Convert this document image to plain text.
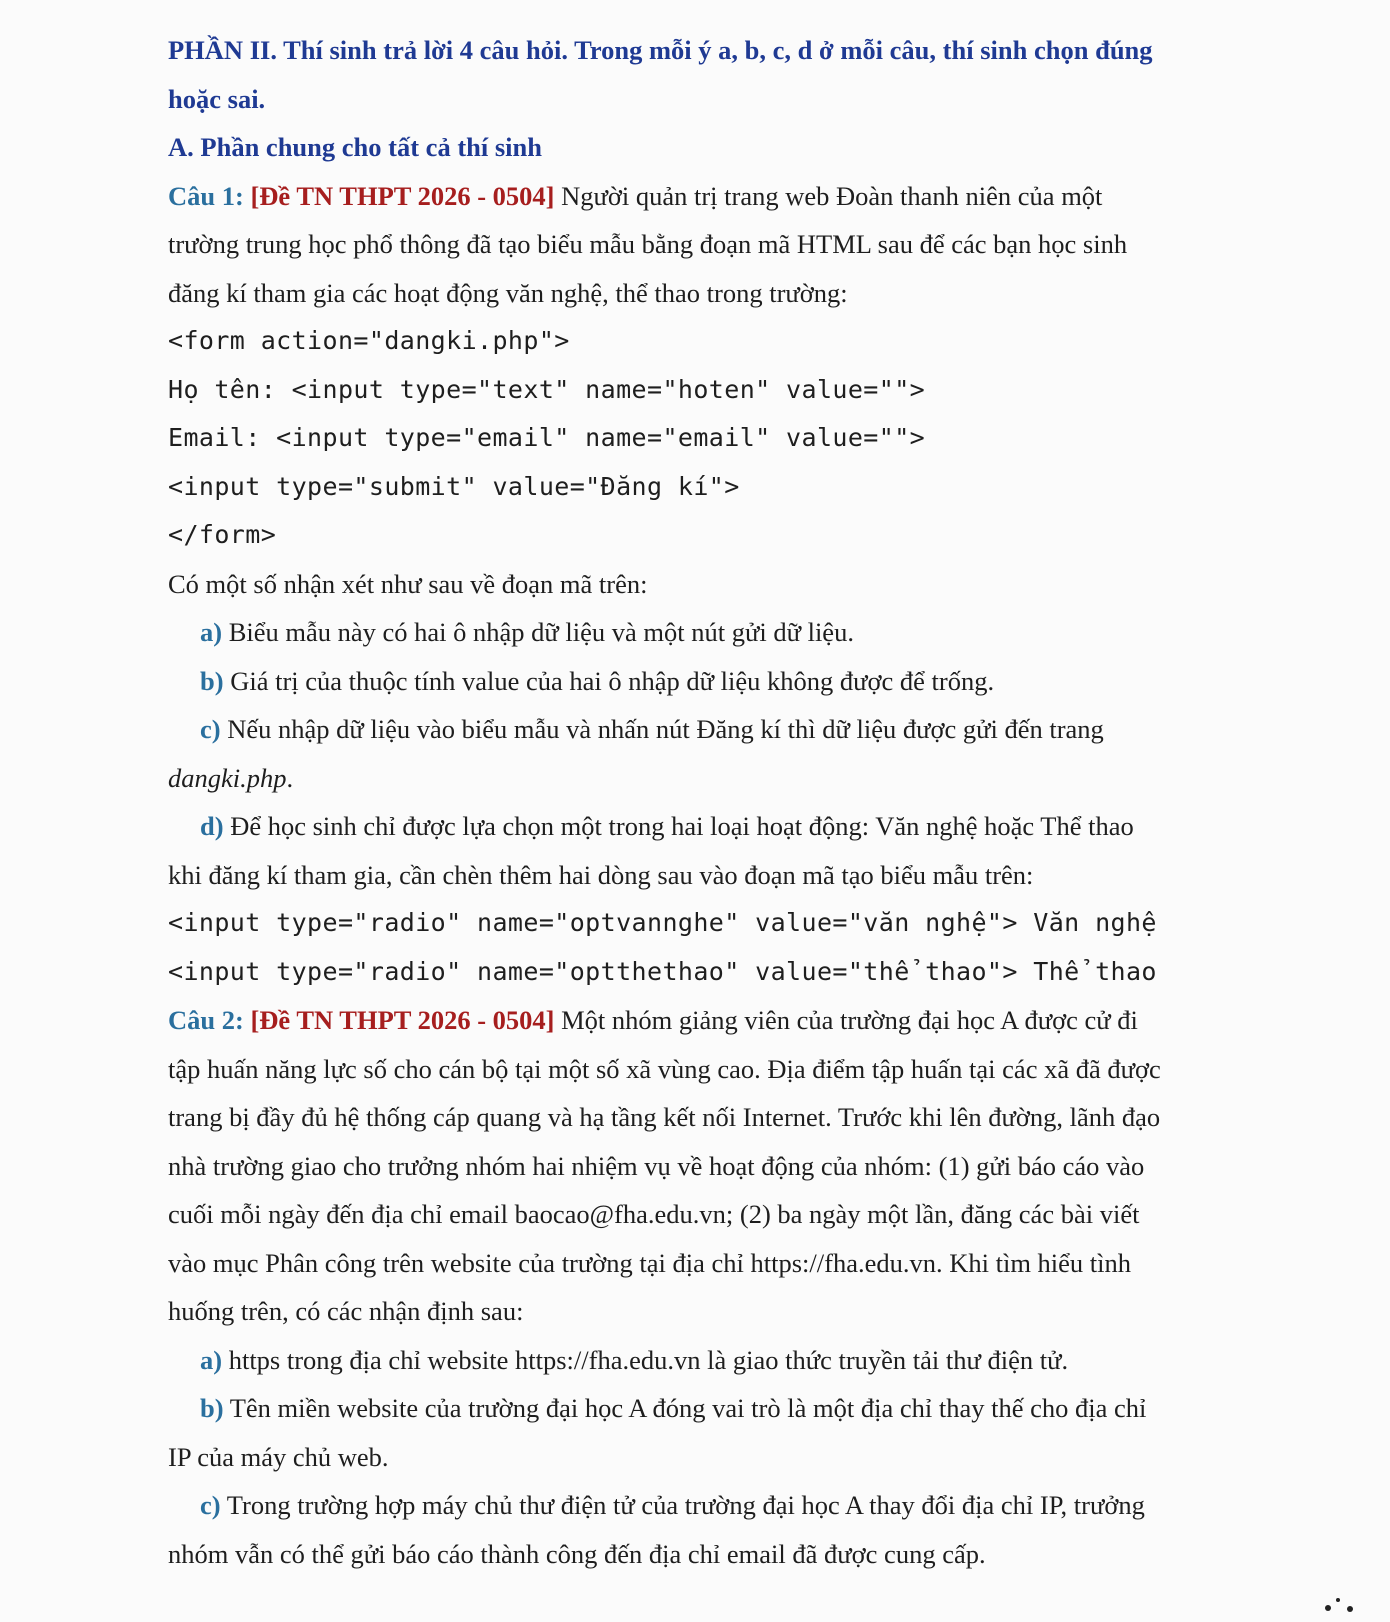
PHẦN II. Thí sinh trả lời 4 câu hỏi. Trong mỗi ý a, b, c, d ở mỗi câu, thí sinh chọn đúng
hoặc sai.
A. Phần chung cho tất cả thí sinh
Câu 1: [Đề TN THPT 2026 - 0504] Người quản trị trang web Đoàn thanh niên của một
trường trung học phổ thông đã tạo biểu mẫu bằng đoạn mã HTML sau để các bạn học sinh
đăng kí tham gia các hoạt động văn nghệ, thể thao trong trường:
<form action="dangki.php">
Họ tên: <input type="text" name="hoten" value="">
Email: <input type="email" name="email" value="">
<input type="submit" value="Đăng kí">
</form>
Có một số nhận xét như sau về đoạn mã trên:
a) Biểu mẫu này có hai ô nhập dữ liệu và một nút gửi dữ liệu.
b) Giá trị của thuộc tính value của hai ô nhập dữ liệu không được để trống.
c) Nếu nhập dữ liệu vào biểu mẫu và nhấn nút Đăng kí thì dữ liệu được gửi đến trang
dangki.php.
d) Để học sinh chỉ được lựa chọn một trong hai loại hoạt động: Văn nghệ hoặc Thể thao
khi đăng kí tham gia, cần chèn thêm hai dòng sau vào đoạn mã tạo biểu mẫu trên:
<input type="radio" name="optvannghe" value="văn nghệ"> Văn nghệ
<input type="radio" name="optthethao" value="thể thao"> Thể thao
Câu 2: [Đề TN THPT 2026 - 0504] Một nhóm giảng viên của trường đại học A được cử đi
tập huấn năng lực số cho cán bộ tại một số xã vùng cao. Địa điểm tập huấn tại các xã đã được
trang bị đầy đủ hệ thống cáp quang và hạ tầng kết nối Internet. Trước khi lên đường, lãnh đạo
nhà trường giao cho trưởng nhóm hai nhiệm vụ về hoạt động của nhóm: (1) gửi báo cáo vào
cuối mỗi ngày đến địa chỉ email baocao@fha.edu.vn; (2) ba ngày một lần, đăng các bài viết
vào mục Phân công trên website của trường tại địa chỉ https://fha.edu.vn. Khi tìm hiểu tình
huống trên, có các nhận định sau:
a) https trong địa chỉ website https://fha.edu.vn là giao thức truyền tải thư điện tử.
b) Tên miền website của trường đại học A đóng vai trò là một địa chỉ thay thế cho địa chỉ
IP của máy chủ web.
c) Trong trường hợp máy chủ thư điện tử của trường đại học A thay đổi địa chỉ IP, trưởng
nhóm vẫn có thể gửi báo cáo thành công đến địa chỉ email đã được cung cấp.
